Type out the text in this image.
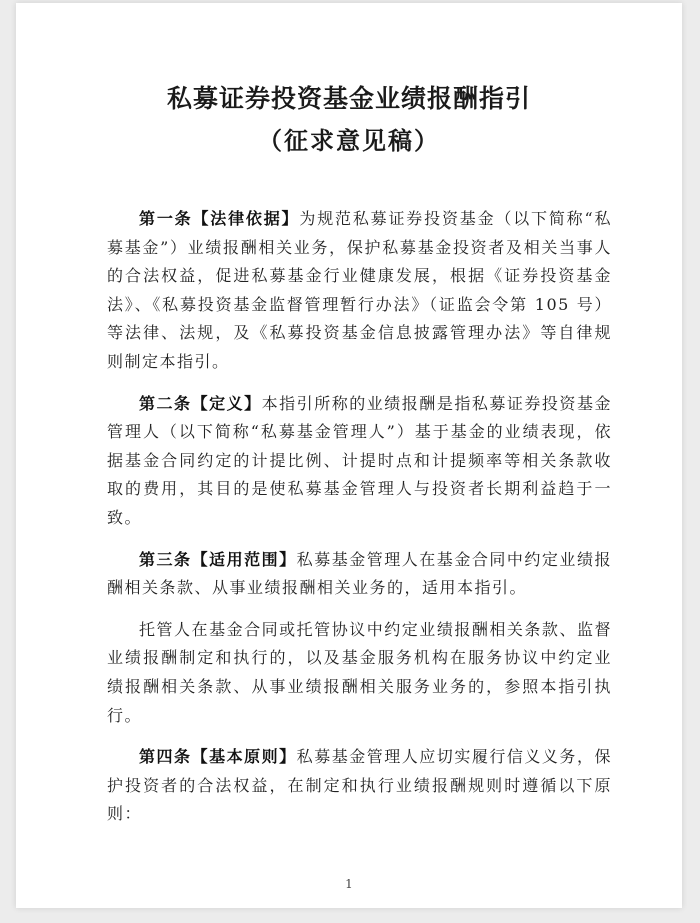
私募证券投资基金业绩报酬指引
（征求意见稿）

第一条【法律依据】为规范私募证券投资基金（以下简称“私募基金”）业绩报酬相关业务，保护私募基金投资者及相关当事人的合法权益，促进私募基金行业健康发展，根据《证券投资基金法》、《私募投资基金监督管理暂行办法》（证监会令第 105 号）等法律、法规，及《私募投资基金信息披露管理办法》等自律规则制定本指引。

第二条【定义】本指引所称的业绩报酬是指私募证券投资基金管理人（以下简称“私募基金管理人”）基于基金的业绩表现，依据基金合同约定的计提比例、计提时点和计提频率等相关条款收取的费用，其目的是使私募基金管理人与投资者长期利益趋于一致。

第三条【适用范围】私募基金管理人在基金合同中约定业绩报酬相关条款、从事业绩报酬相关业务的，适用本指引。

托管人在基金合同或托管协议中约定业绩报酬相关条款、监督业绩报酬制定和执行的，以及基金服务机构在服务协议中约定业绩报酬相关条款、从事业绩报酬相关服务业务的，参照本指引执行。

第四条【基本原则】私募基金管理人应切实履行信义义务，保护投资者的合法权益，在制定和执行业绩报酬规则时遵循以下原则：

1
